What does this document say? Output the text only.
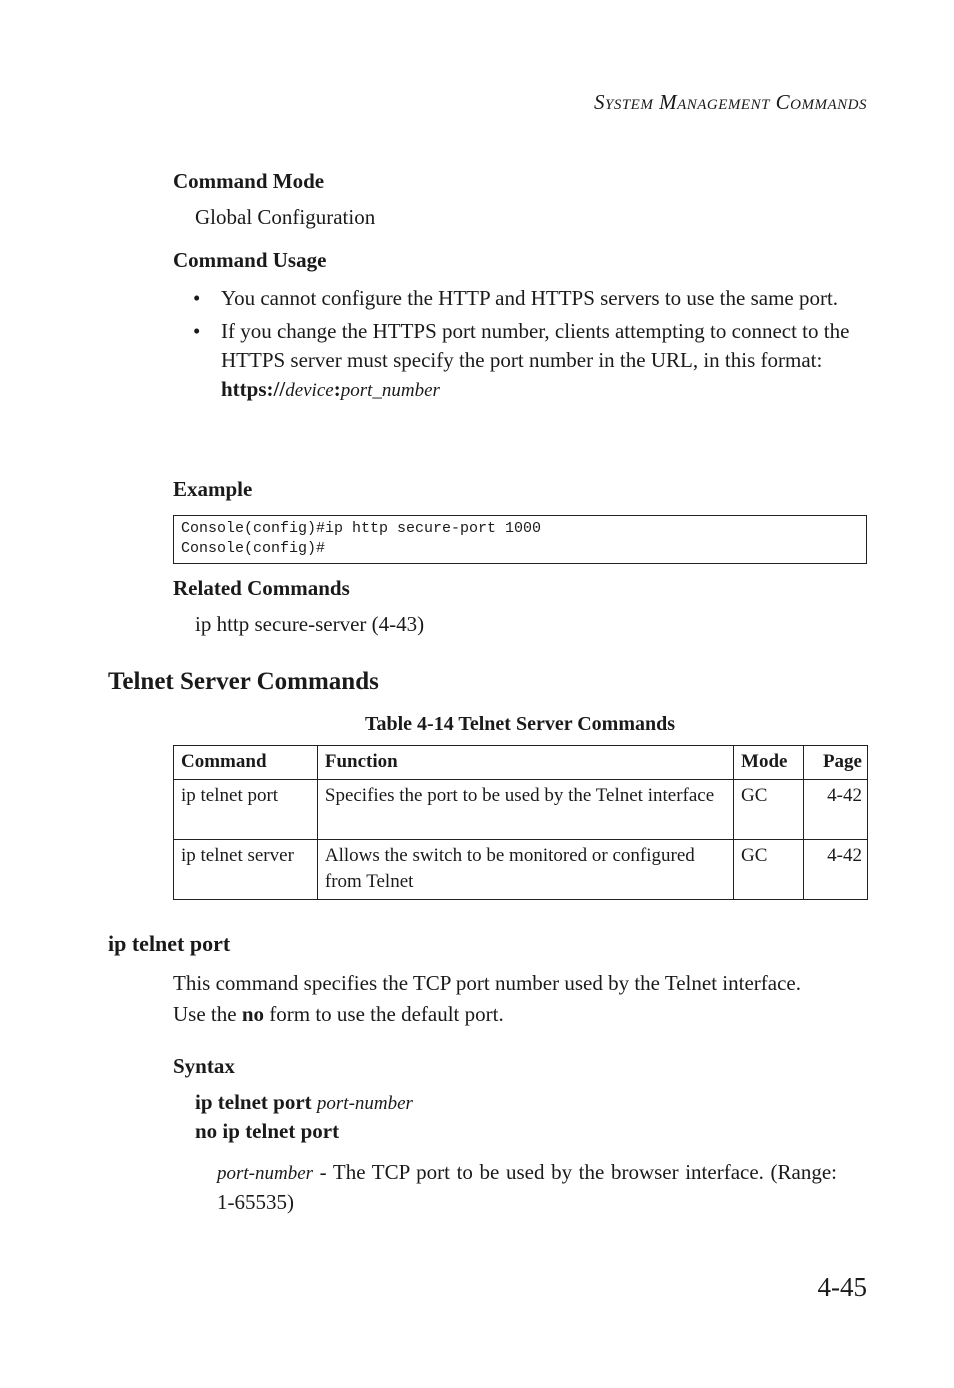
System Management Commands
Command Mode
Global Configuration
Command Usage
• You cannot configure the HTTP and HTTPS servers to use the same port.
• If you change the HTTPS port number, clients attempting to connect to the HTTPS server must specify the port number in the URL, in this format:
https://device:port_number
Example
Console(config)#ip http secure-port 1000
Console(config)#
Related Commands
ip http secure-server (4-43)
Telnet Server Commands
Table 4-14 Telnet Server Commands
Command	Function	Mode	Page
ip telnet port	Specifies the port to be used by the Telnet interface	GC	4-42
ip telnet server	Allows the switch to be monitored or configured from Telnet	GC	4-42
ip telnet port
This command specifies the TCP port number used by the Telnet interface. Use the no form to use the default port.
Syntax
ip telnet port port-number
no ip telnet port
port-number - The TCP port to be used by the browser interface. (Range: 1-65535)
4-45
